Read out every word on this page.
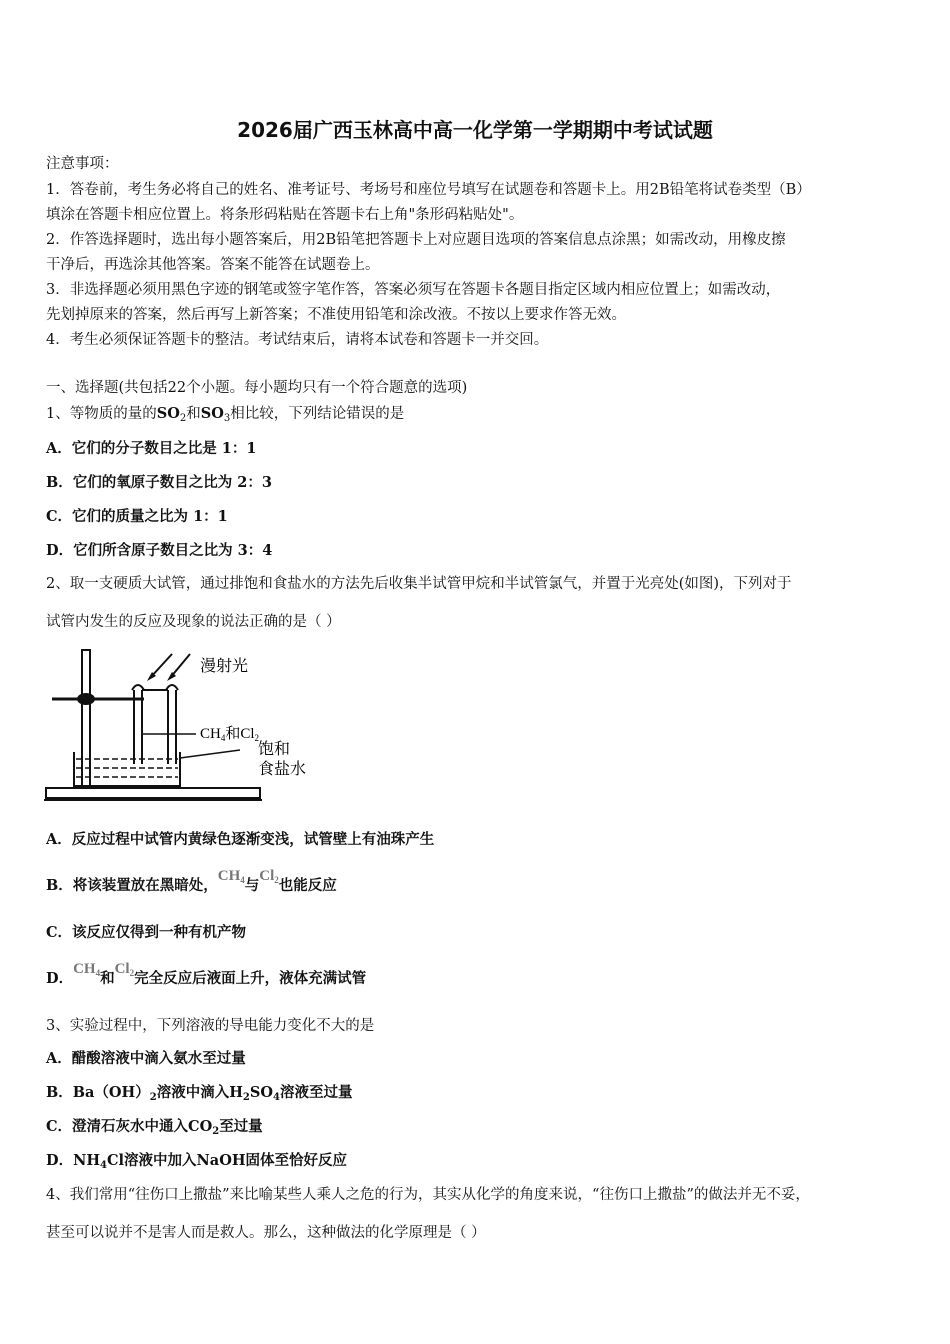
2026届广西玉林高中高一化学第一学期期中考试试题
注意事项：
1．答卷前，考生务必将自己的姓名、准考证号、考场号和座位号填写在试题卷和答题卡上。用2B铅笔将试卷类型（B）
填涂在答题卡相应位置上。将条形码粘贴在答题卡右上角"条形码粘贴处"。
2．作答选择题时，选出每小题答案后，用2B铅笔把答题卡上对应题目选项的答案信息点涂黑；如需改动，用橡皮擦
干净后，再选涂其他答案。答案不能答在试题卷上。
3．非选择题必须用黑色字迹的钢笔或签字笔作答，答案必须写在答题卡各题目指定区域内相应位置上；如需改动，
先划掉原来的答案，然后再写上新答案；不准使用铅笔和涂改液。不按以上要求作答无效。
4．考生必须保证答题卡的整洁。考试结束后，请将本试卷和答题卡一并交回。
一、选择题(共包括22个小题。每小题均只有一个符合题意的选项)
1、等物质的量的$SO_2$和$SO_3$相比较，下列结论错误的是
A．它们的分子数目之比是 1：1
B．它们的氧原子数目之比为 2：3
C．它们的质量之比为 1：1
D．它们所含原子数目之比为 3：4
2、取一支硬质大试管，通过排饱和食盐水的方法先后收集半试管甲烷和半试管氯气，并置于光亮处(如图)，下列对于
试管内发生的反应及现象的说法正确的是（ ）
漫射光
$CH_4$和$Cl_2$
饱和
食盐水
A．反应过程中试管内黄绿色逐渐变浅，试管壁上有油珠产生
B．将该装置放在黑暗处，$CH_4$与$Cl_2$也能反应
C．该反应仅得到一种有机产物
D．$CH_4$和$Cl_2$完全反应后液面上升，液体充满试管
3、实验过程中，下列溶液的导电能力变化不大的是
A．醋酸溶液中滴入氨水至过量
B．$Ba(OH)_2$溶液中滴入$H_2SO_4$溶液至过量
C．澄清石灰水中通入$CO_2$至过量
D．$NH_4Cl$溶液中加入NaOH固体至恰好反应
4、我们常用“往伤口上撒盐”来比喻某些人乘人之危的行为，其实从化学的角度来说，“往伤口上撒盐”的做法并无不妥，
甚至可以说并不是害人而是救人。那么，这种做法的化学原理是（ ）
